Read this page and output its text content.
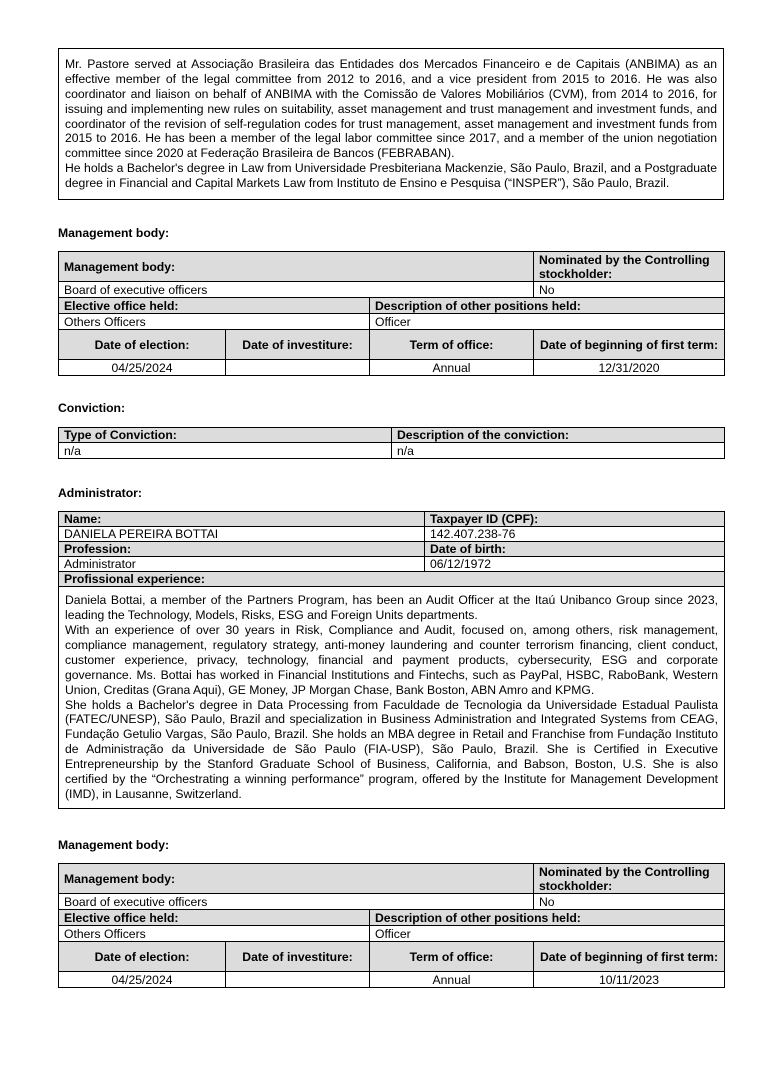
Mr. Pastore served at Associação Brasileira das Entidades dos Mercados Financeiro e de Capitais (ANBIMA) as an effective member of the legal committee from 2012 to 2016, and a vice president from 2015 to 2016. He was also coordinator and liaison on behalf of ANBIMA with the Comissão de Valores Mobiliários (CVM), from 2014 to 2016, for issuing and implementing new rules on suitability, asset management and trust management and investment funds, and coordinator of the revision of self-regulation codes for trust management, asset management and investment funds from 2015 to 2016. He has been a member of the legal labor committee since 2017, and a member of the union negotiation committee since 2020 at Federação Brasileira de Bancos (FEBRABAN).
He holds a Bachelor's degree in Law from Universidade Presbiteriana Mackenzie, São Paulo, Brazil, and a Postgraduate degree in Financial and Capital Markets Law from Instituto de Ensino e Pesquisa (“INSPER”), São Paulo, Brazil.
Management body:
Management body:			Nominated by the Controlling stockholder:
Board of executive officers			No
Elective office held:		Description of other positions held:	
Others Officers		Officer	
Date of election:	Date of investiture:	Term of office:	Date of beginning of first term:
04/25/2024		Annual	12/31/2020
Conviction:
Type of Conviction:	Description of the conviction:
n/a	n/a
Administrator:
Name:	Taxpayer ID (CPF):
DANIELA PEREIRA BOTTAI	142.407.238-76
Profession:	Date of birth:
Administrator	06/12/1972
Profissional experience:	

Daniela Bottai, a member of the Partners Program, has been an Audit Officer at the Itaú Unibanco Group since 2023, leading the Technology, Models, Risks, ESG and Foreign Units departments.
With an experience of over 30 years in Risk, Compliance and Audit, focused on, among others, risk management, compliance management, regulatory strategy, anti-money laundering and counter terrorism financing, client conduct, customer experience, privacy, technology, financial and payment products, cybersecurity, ESG and corporate governance. Ms. Bottai has worked in Financial Institutions and Fintechs, such as PayPal, HSBC, RaboBank, Western Union, Creditas (Grana Aqui), GE Money, JP Morgan Chase, Bank Boston, ABN Amro and KPMG.
She holds a Bachelor's degree in Data Processing from Faculdade de Tecnologia da Universidade Estadual Paulista (FATEC/UNESP), São Paulo, Brazil and specialization in Business Administration and Integrated Systems from CEAG, Fundação Getulio Vargas, São Paulo, Brazil. She holds an MBA degree in Retail and Franchise from Fundação Instituto de Administração da Universidade de São Paulo (FIA-USP), São Paulo, Brazil. She is Certified in Executive Entrepreneurship by the Stanford Graduate School of Business, California, and Babson, Boston, U.S. She is also certified by the “Orchestrating a winning performance” program, offered by the Institute for Management Development (IMD), in Lausanne, Switzerland.	
Management body:
Management body:			Nominated by the Controlling stockholder:
Board of executive officers			No
Elective office held:		Description of other positions held:	
Others Officers		Officer	
Date of election:	Date of investiture:	Term of office:	Date of beginning of first term:
04/25/2024		Annual	10/11/2023
